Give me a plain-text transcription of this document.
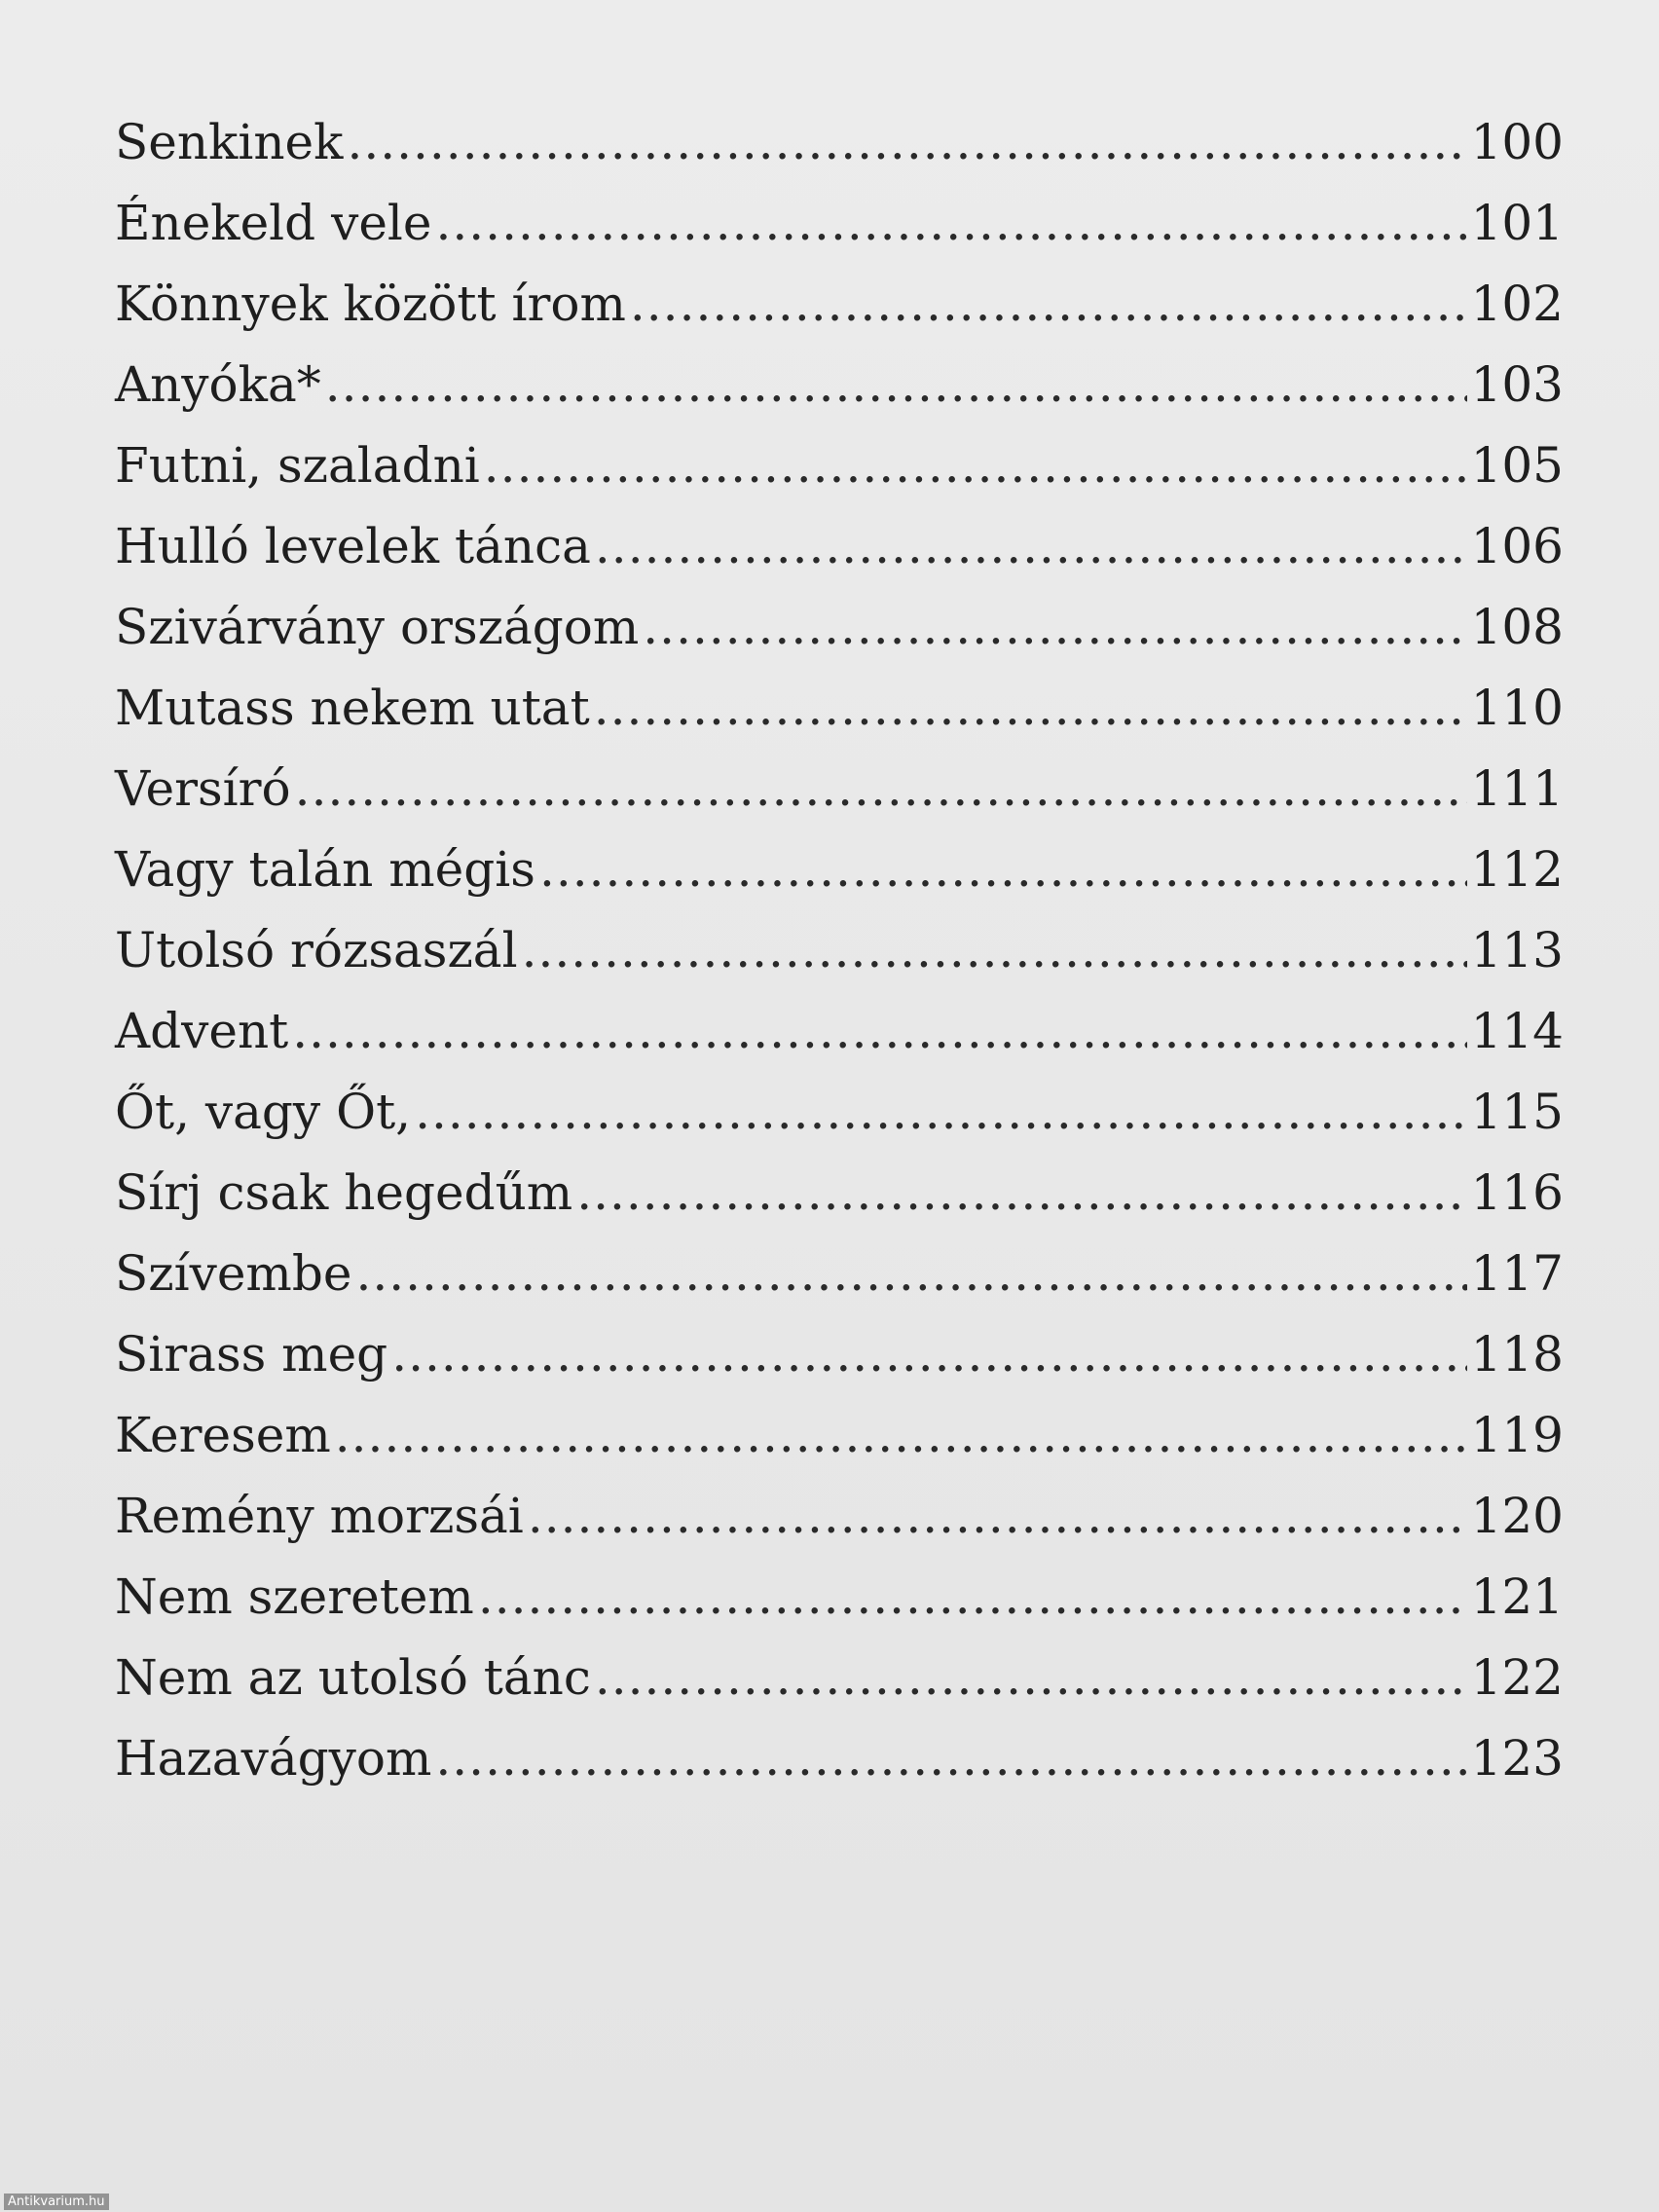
Senkinek .....	100
Énekeld vele .....	101
Könnyek között írom .....	102
Anyóka* .....	103
Futni, szaladni .....	105
Hulló levelek tánca .....	106
Szivárvány országom .....	108
Mutass nekem utat .....	110
Versíró .....	111
Vagy talán mégis .....	112
Utolsó rózsaszál .....	113
Advent .....	114
Őt, vagy Őt, .....	115
Sírj csak hegedűm .....	116
Szívembe .....	117
Sirass meg .....	118
Keresem .....	119
Remény morzsái .....	120
Nem szeretem .....	121
Nem az utolsó tánc .....	122
Hazavágyom .....	123
Antikvarium.hu
